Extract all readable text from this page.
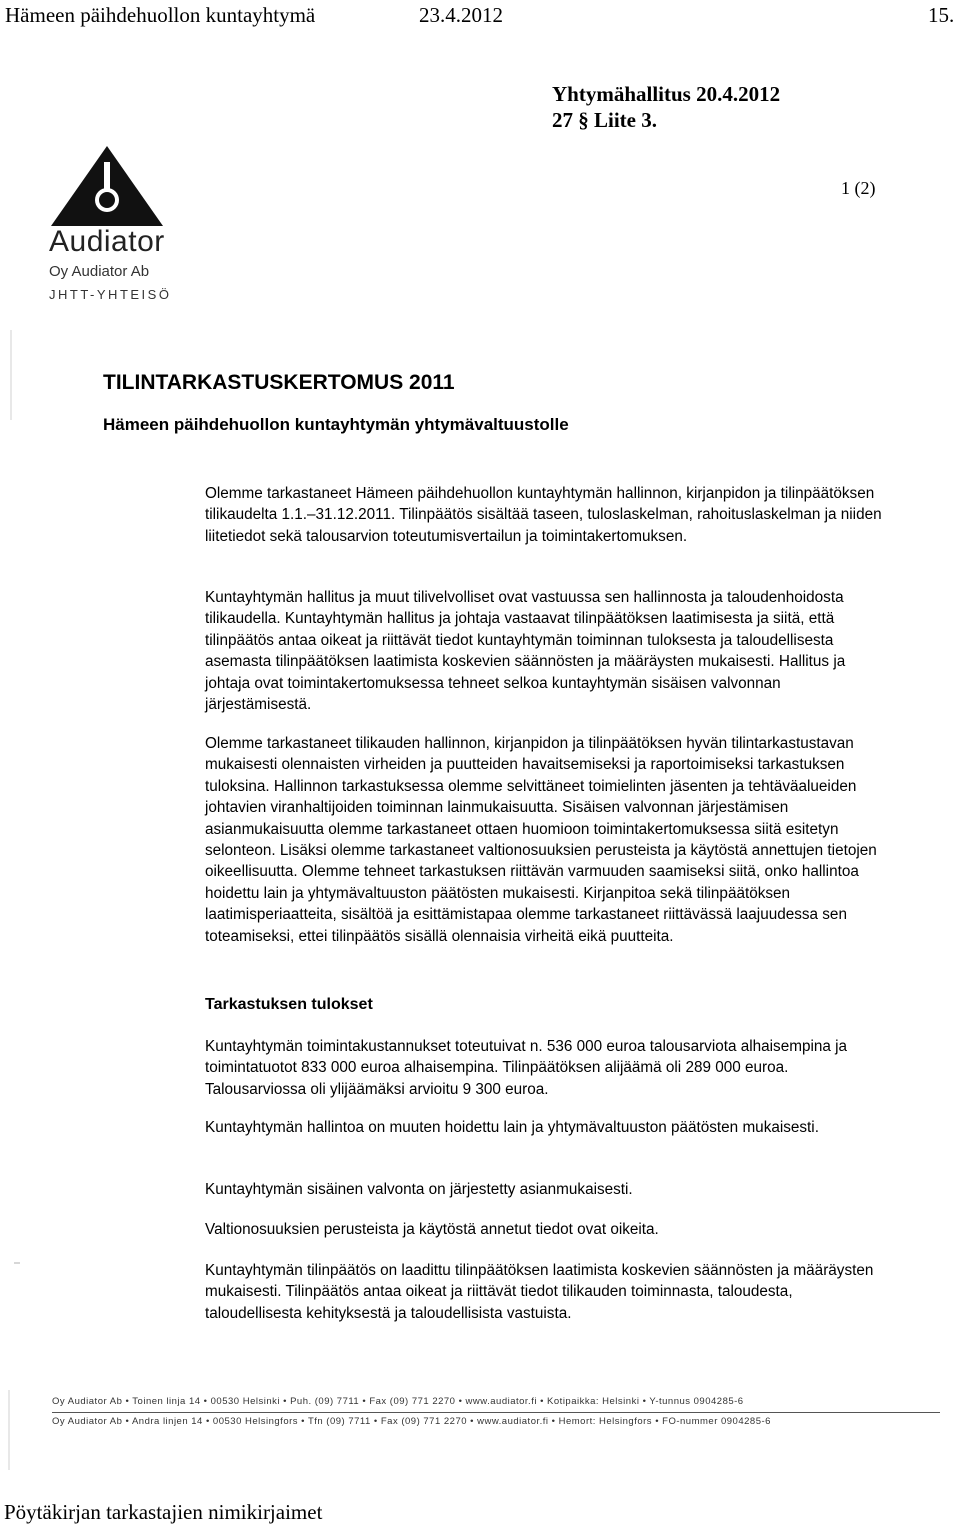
Hämeen päihdehuollon kuntayhtymä	23.4.2012	15.
Yhtymähallitus 20.4.2012
27 § Liite 3.
1 (2)
Audiator
Oy Audiator Ab
JHTT-YHTEISÖ
TILINTARKASTUSKERTOMUS 2011
Hämeen päihdehuollon kuntayhtymän yhtymävaltuustolle
Olemme tarkastaneet Hämeen päihdehuollon kuntayhtymän hallinnon, kirjanpidon ja tilinpäätöksen tilikaudelta 1.1.–31.12.2011. Tilinpäätös sisältää taseen, tuloslaskelman, rahoituslaskelman ja niiden liitetiedot sekä talousarvion toteutumisvertailun ja toimintakertomuksen.
Kuntayhtymän hallitus ja muut tilivelvolliset ovat vastuussa sen hallinnosta ja taloudenhoidosta tilikaudella. Kuntayhtymän hallitus ja johtaja vastaavat tilinpäätöksen laatimisesta ja siitä, että tilinpäätös antaa oikeat ja riittävät tiedot kuntayhtymän toiminnan tuloksesta ja taloudellisesta asemasta tilinpäätöksen laatimista koskevien säännösten ja määräysten mukaisesti. Hallitus ja johtaja ovat toimintakertomuksessa tehneet selkoa kuntayhtymän sisäisen valvonnan järjestämisestä.
Olemme tarkastaneet tilikauden hallinnon, kirjanpidon ja tilinpäätöksen hyvän tilintarkastustavan mukaisesti olennaisten virheiden ja puutteiden havaitsemiseksi ja raportoimiseksi tarkastuksen tuloksina. Hallinnon tarkastuksessa olemme selvittäneet toimielinten jäsenten ja tehtäväalueiden johtavien viranhaltijoiden toiminnan lainmukaisuutta. Sisäisen valvonnan järjestämisen asianmukaisuutta olemme tarkastaneet ottaen huomioon toimintakertomuksessa siitä esitetyn selonteon. Lisäksi olemme tarkastaneet valtionosuuksien perusteista ja käytöstä annettujen tietojen oikeellisuutta. Olemme tehneet tarkastuksen riittävän varmuuden saamiseksi siitä, onko hallintoa hoidettu lain ja yhtymävaltuuston päätösten mukaisesti. Kirjanpitoa sekä tilinpäätöksen laatimisperiaatteita, sisältöä ja esittämistapaa olemme tarkastaneet riittävässä laajuudessa sen toteamiseksi, ettei tilinpäätös sisällä olennaisia virheitä eikä puutteita.
Tarkastuksen tulokset
Kuntayhtymän toimintakustannukset toteutuivat n. 536 000 euroa talousarviota alhaisempina ja toimintatuotot 833 000 euroa alhaisempina. Tilinpäätöksen alijäämä oli 289 000 euroa. Talousarviossa oli ylijäämäksi arvioitu 9 300 euroa.
Kuntayhtymän hallintoa on muuten hoidettu lain ja yhtymävaltuuston päätösten mukaisesti.
Kuntayhtymän sisäinen valvonta on järjestetty asianmukaisesti.
Valtionosuuksien perusteista ja käytöstä annetut tiedot ovat oikeita.
Kuntayhtymän tilinpäätös on laadittu tilinpäätöksen laatimista koskevien säännösten ja määräysten mukaisesti. Tilinpäätös antaa oikeat ja riittävät tiedot tilikauden toiminnasta, taloudesta, taloudellisesta kehityksestä ja taloudellisista vastuista.
Oy Audiator Ab • Toinen linja 14 • 00530 Helsinki • Puh. (09) 7711 • Fax (09) 771 2270 • www.audiator.fi • Kotipaikka: Helsinki • Y-tunnus 0904285-6
Oy Audiator Ab • Andra linjen 14 • 00530 Helsingfors • Tfn (09) 7711 • Fax (09) 771 2270 • www.audiator.fi • Hemort: Helsingfors • FO-nummer 0904285-6
Pöytäkirjan tarkastajien nimikirjaimet
